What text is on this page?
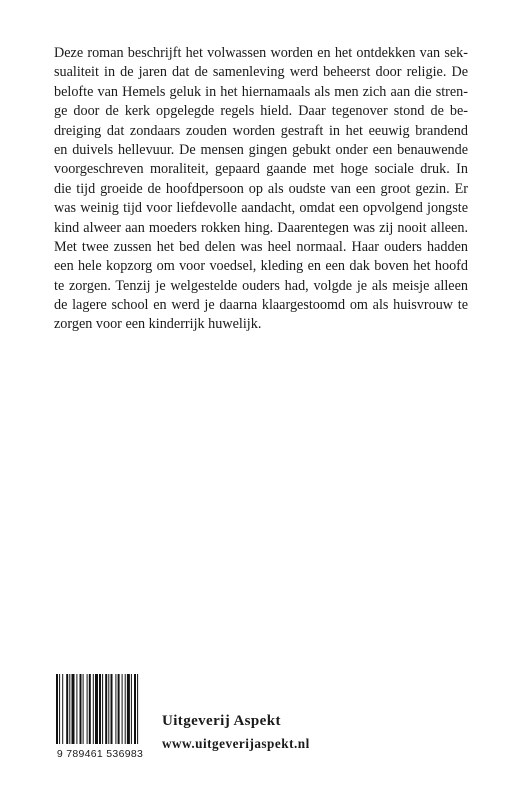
Deze roman beschrijft het volwassen worden en het ontdekken van sek-
sualiteit in de jaren dat de samenleving werd beheerst door religie. De
belofte van Hemels geluk in het hiernamaals als men zich aan die stren-
ge door de kerk opgelegde regels hield. Daar tegenover stond de be-
dreiging dat zondaars zouden worden gestraft in het eeuwig brandend
en duivels hellevuur. De mensen gingen gebukt onder een benauwende
voorgeschreven moraliteit, gepaard gaande met hoge sociale druk. In
die tijd groeide de hoofdpersoon op als oudste van een groot gezin. Er
was weinig tijd voor liefdevolle aandacht, omdat een opvolgend jongste
kind alweer aan moeders rokken hing. Daarentegen was zij nooit alleen.
Met twee zussen het bed delen was heel normaal. Haar ouders hadden
een hele kopzorg om voor voedsel, kleding en een dak boven het hoofd
te zorgen. Tenzij je welgestelde ouders had, volgde je als meisje alleen
de lagere school en werd je daarna klaargestoomd om als huisvrouw te
zorgen voor een kinderrijk huwelijk.
9 789461 536983
Uitgeverij Aspekt
www.uitgeverijaspekt.nl
